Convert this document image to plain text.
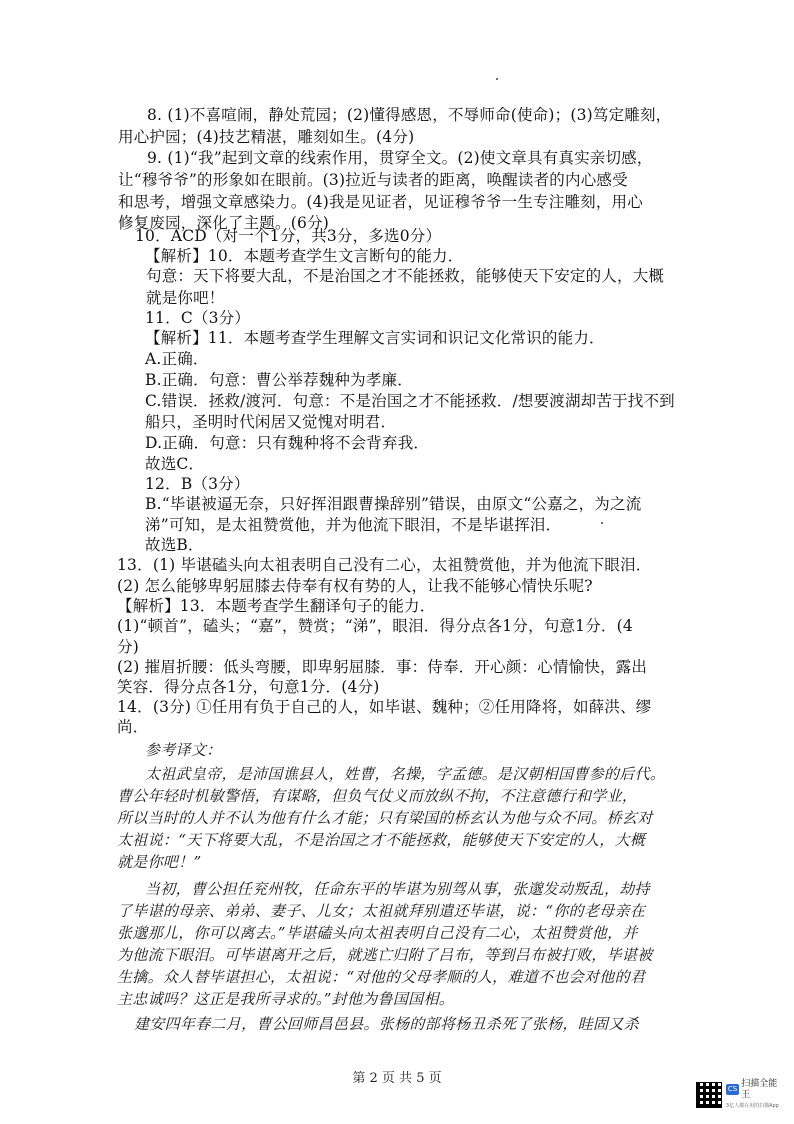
8. (1)不喜喧闹，静处荒园；(2)懂得感恩，不辱师命(使命)；(3)笃定雕刻，
用心护园；(4)技艺精湛，雕刻如生。(4分)
9. (1)“我”起到文章的线索作用，贯穿全文。(2)使文章具有真实亲切感，
让“穆爷爷”的形象如在眼前。(3)拉近与读者的距离，唤醒读者的内心感受
和思考，增强文章感染力。(4)我是见证者，见证穆爷爷一生专注雕刻，用心
修复废园，深化了主题。(6分)
10．ACD（对一个1分，共3分，多选0分）
【解析】10．本题考查学生文言断句的能力．
句意：天下将要大乱，不是治国之才不能拯救，能够使天下安定的人，大概
就是你吧！
11．C（3分）
【解析】11．本题考查学生理解文言实词和识记文化常识的能力．
A.正确．
B.正确．句意：曹公举荐魏种为孝廉．
C.错误．拯救/渡河．句意：不是治国之才不能拯救．/想要渡湖却苦于找不到
船只，圣明时代闲居又觉愧对明君．
D.正确．句意：只有魏种将不会背弃我．
故选C．
12．B（3分）
B.“毕谌被逼无奈，只好挥泪跟曹操辞别”错误，由原文“公嘉之，为之流
涕”可知，是太祖赞赏他，并为他流下眼泪，不是毕谌挥泪．
故选B．
13．(1) 毕谌磕头向太祖表明自己没有二心，太祖赞赏他，并为他流下眼泪．
(2) 怎么能够卑躬屈膝去侍奉有权有势的人，让我不能够心情快乐呢?
【解析】13．本题考查学生翻译句子的能力．
(1)“顿首”，磕头；“嘉”，赞赏；“涕”，眼泪．得分点各1分，句意1分．(4
分)
(2) 摧眉折腰：低头弯腰，即卑躬屈膝．事：侍奉．开心颜：心情愉快，露出
笑容．得分点各1分，句意1分．(4分)
14．(3分) ①任用有负于自己的人，如毕谌、魏种；②任用降将，如薛洪、缪
尚．
参考译文：
太祖武皇帝，是沛国谯县人，姓曹，名操，字孟德。是汉朝相国曹参的后代。
曹公年轻时机敏警悟，有谋略，但负气仗义而放纵不拘，不注意德行和学业，
所以当时的人并不认为他有什么才能；只有梁国的桥玄认为他与众不同。桥玄对
太祖说：“天下将要大乱，不是治国之才不能拯救，能够使天下安定的人，大概
就是你吧！”
当初，曹公担任兖州牧，任命东平的毕谌为别驾从事，张邈发动叛乱，劫持
了毕谌的母亲、弟弟、妻子、儿女；太祖就拜别遣还毕谌，说：“你的老母亲在
张邈那儿，你可以离去。”毕谌磕头向太祖表明自己没有二心，太祖赞赏他，并
为他流下眼泪。可毕谌离开之后，就逃亡归附了吕布，等到吕布被打败，毕谌被
生擒。众人替毕谌担心，太祖说：“对他的父母孝顺的人，难道不也会对他的君
主忠诚吗？这正是我所寻求的。”封他为鲁国国相。
建安四年春二月，曹公回师昌邑县。张杨的部将杨丑杀死了张杨，眭固又杀
第 2 页 共 5 页
CS
扫描全能王
3亿人都在用的扫描App
